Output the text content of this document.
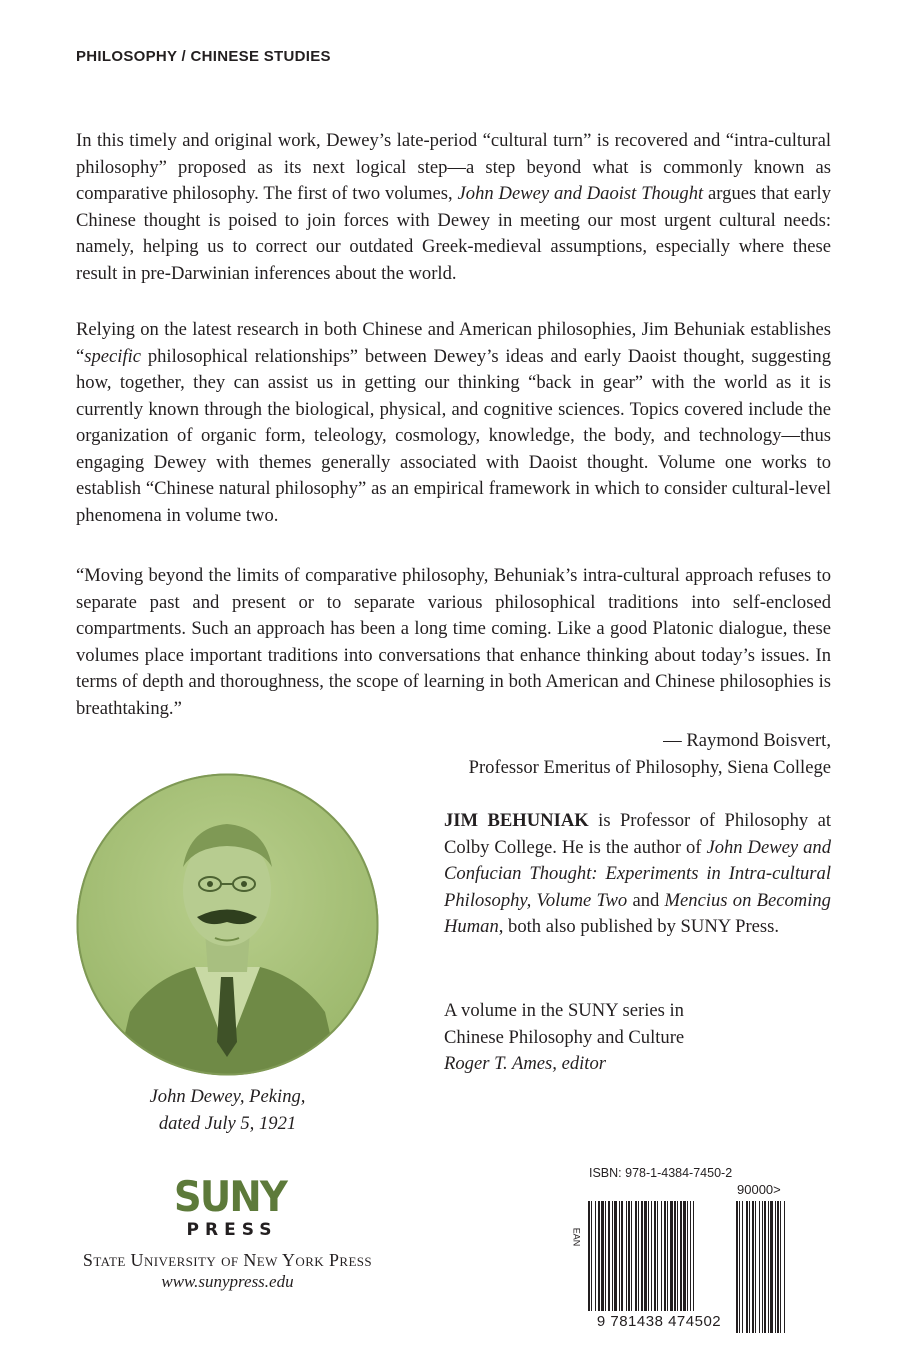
PHILOSOPHY / CHINESE STUDIES

In this timely and original work, Dewey’s late-period “cultural turn” is recovered and “intra-cultural philosophy” proposed as its next logical step—a step beyond what is commonly known as comparative philosophy. The first of two volumes, John Dewey and Daoist Thought argues that early Chinese thought is poised to join forces with Dewey in meeting our most urgent cultural needs: namely, helping us to correct our outdated Greek-medieval assumptions, especially where these result in pre-Darwinian inferences about the world.

Relying on the latest research in both Chinese and American philosophies, Jim Behuniak establishes “specific philosophical relationships” between Dewey’s ideas and early Daoist thought, suggesting how, together, they can assist us in getting our thinking “back in gear” with the world as it is currently known through the biological, physical, and cognitive sciences. Topics covered include the organization of organic form, teleology, cosmology, knowledge, the body, and technology—thus engaging Dewey with themes generally associated with Daoist thought. Volume one works to establish “Chinese natural philosophy” as an empirical framework in which to consider cultural-level phenomena in volume two.

“Moving beyond the limits of comparative philosophy, Behuniak’s intra-cultural approach refuses to separate past and present or to separate various philosophical traditions into self-enclosed compartments. Such an approach has been a long time coming. Like a good Platonic dialogue, these volumes place important traditions into conversations that enhance thinking about today’s issues. In terms of depth and thoroughness, the scope of learning in both American and Chinese philosophies is breathtaking.”

— Raymond Boisvert,
Professor Emeritus of Philosophy, Siena College
John Dewey, Peking,
dated July 5, 1921

JIM BEHUNIAK is Professor of Philosophy at Colby College. He is the author of John Dewey and Confucian Thought: Experiments in Intra-cultural Philosophy, Volume Two and Mencius on Becoming Human, both also published by SUNY Press.

A volume in the SUNY series in
Chinese Philosophy and Culture
Roger T. Ames, editor
SUNY
PRESS
State University of New York Press
www.sunypress.edu
ISBN: 978-1-4384-7450-2
EAN
90000>
9 781438 474502
